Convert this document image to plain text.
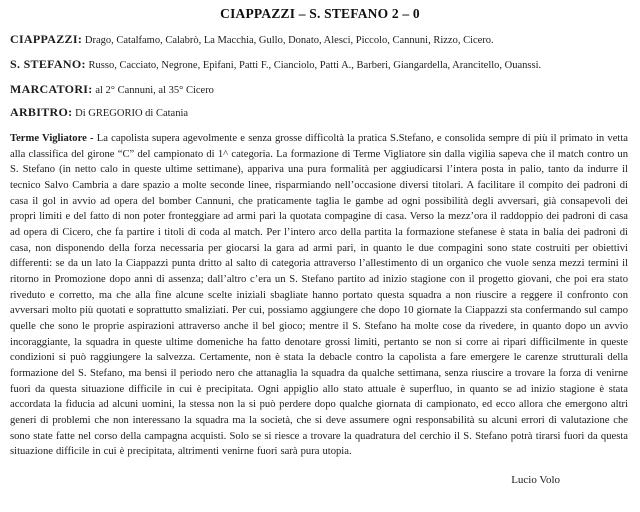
CIAPPAZZI – S. STEFANO 2 – 0
CIAPPAZZI: Drago, Catalfamo, Calabrò, La Macchia, Gullo, Donato, Alesci, Piccolo, Cannuni, Rizzo, Cicero.
S. STEFANO: Russo, Cacciato, Negrone, Epifani, Patti F., Cianciolo, Patti A., Barberi, Giangardella, Arancitello, Ouanssi.
MARCATORI: al 2° Cannuni, al 35° Cicero
ARBITRO: Di GREGORIO di Catania
Terme Vigliatore - La capolista supera agevolmente e senza grosse difficoltà la pratica S.Stefano, e consolida sempre di più il primato in vetta alla classifica del girone “C” del campionato di 1^ categoria. La formazione di Terme Vigliatore sin dalla vigilia sapeva che il match contro un S. Stefano (in netto calo in queste ultime settimane), appariva una pura formalità per aggiudicarsi l’intera posta in palio, tanto da indurre il tecnico Salvo Cambria a dare spazio a molte seconde linee, risparmiando nell’occasione diversi titolari. A facilitare il compito dei padroni di casa il gol in avvio ad opera del bomber Cannuni, che praticamente taglia le gambe ad ogni possibilità degli avversari, già consapevoli dei propri limiti e del fatto di non poter fronteggiare ad armi pari la quotata compagine di casa. Verso la mezz’ora il raddoppio dei padroni di casa ad opera di Cicero, che fa partire i titoli di coda al match. Per l’intero arco della partita la formazione stefanese è stata in balia dei padroni di casa, non disponendo della forza necessaria per giocarsi la gara ad armi pari, in quanto le due compagini sono state costruiti per obiettivi differenti: se da un lato la Ciappazzi punta dritto al salto di categoria attraverso l’allestimento di un organico che vuole senza mezzi termini il ritorno in Promozione dopo anni di assenza; dall’altro c’era un S. Stefano partito ad inizio stagione con il progetto giovani, che poi era stato riveduto e corretto, ma che alla fine alcune scelte iniziali sbagliate hanno portato questa squadra a non riuscire a reggere il confronto con avversari molto più quotati e soprattutto smaliziati. Per cui, possiamo aggiungere che dopo 10 giornate la Ciappazzi sta confermando sul campo quelle che sono le proprie aspirazioni attraverso anche il bel gioco; mentre il S. Stefano ha molte cose da rivedere, in quanto dopo un avvio incoraggiante, la squadra in queste ultime domeniche ha fatto denotare grossi limiti, pertanto se non si corre ai ripari difficilmente in queste condizioni si può raggiungere la salvezza. Certamente, non è stata la debacle contro la capolista a fare emergere le carenze strutturali della formazione del S. Stefano, ma bensì il periodo nero che attanaglia la squadra da qualche settimana, senza riuscire a trovare la forza di venirne fuori da questa situazione difficile in cui è precipitata. Ogni appiglio allo stato attuale è superfluo, in quanto se ad inizio stagione è stata accordata la fiducia ad alcuni uomini, la stessa non la si può perdere dopo qualche giornata di campionato, ed ecco allora che emergono altri generi di problemi che non interessano la squadra ma la società, che si deve assumere ogni responsabilità su alcuni errori di valutazione che sono state fatte nel corso della campagna acquisti. Solo se si riesce a trovare la quadratura del cerchio il S. Stefano potrà tirarsi fuori da questa situazione difficile in cui è precipitata, altrimenti venirne fuori sarà pura utopia.
Lucio Volo
